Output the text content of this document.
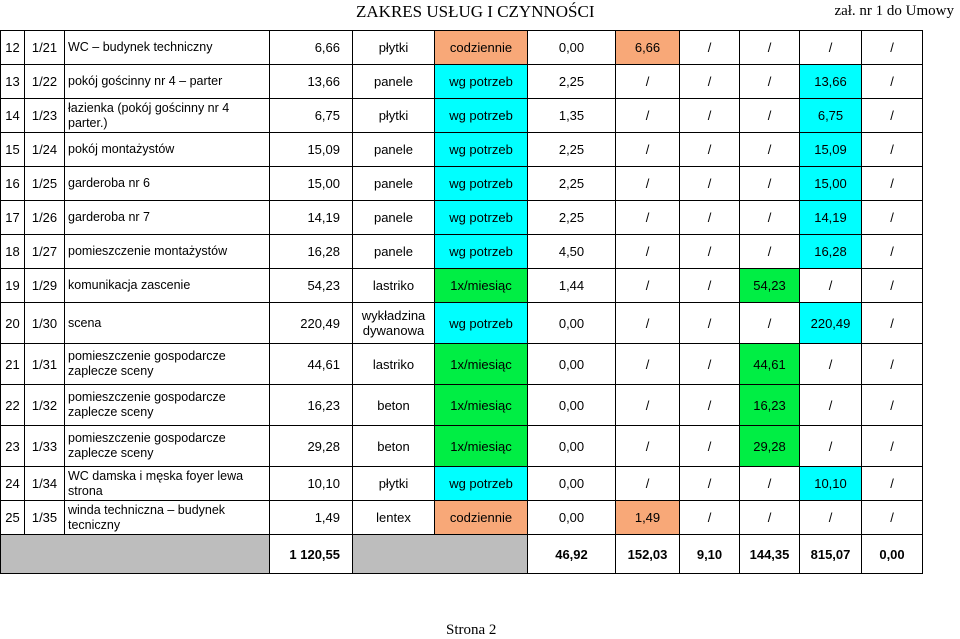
ZAKRES USŁUG I CZYNNOŚCI	zał. nr 1 do Umowy
12	1/21	WC – budynek techniczny	6,66	płytki	codziennie	0,00	6,66	/	/	/	/
13	1/22	pokój gościnny nr 4 – parter	13,66	panele	wg potrzeb	2,25	/	/	/	13,66	/
14	1/23	łazienka (pokój gościnny nr 4 parter.)	6,75	płytki	wg potrzeb	1,35	/	/	/	6,75	/
15	1/24	pokój montażystów	15,09	panele	wg potrzeb	2,25	/	/	/	15,09	/
16	1/25	garderoba nr 6	15,00	panele	wg potrzeb	2,25	/	/	/	15,00	/
17	1/26	garderoba nr 7	14,19	panele	wg potrzeb	2,25	/	/	/	14,19	/
18	1/27	pomieszczenie montażystów	16,28	panele	wg potrzeb	4,50	/	/	/	16,28	/
19	1/29	komunikacja zascenie	54,23	lastriko	1x/miesiąc	1,44	/	/	54,23	/	/
20	1/30	scena	220,49	wykładzina dywanowa	wg potrzeb	0,00	/	/	/	220,49	/
21	1/31	pomieszczenie gospodarcze zaplecze sceny	44,61	lastriko	1x/miesiąc	0,00	/	/	44,61	/	/
22	1/32	pomieszczenie gospodarcze zaplecze sceny	16,23	beton	1x/miesiąc	0,00	/	/	16,23	/	/
23	1/33	pomieszczenie gospodarcze zaplecze sceny	29,28	beton	1x/miesiąc	0,00	/	/	29,28	/	/
24	1/34	WC damska i męska foyer lewa strona	10,10	płytki	wg potrzeb	0,00	/	/	/	10,10	/
25	1/35	winda techniczna – budynek tecniczny	1,49	lentex	codziennie	0,00	1,49	/	/	/	/
			1 120,55			46,92	152,03	9,10	144,35	815,07	0,00
Strona 2
